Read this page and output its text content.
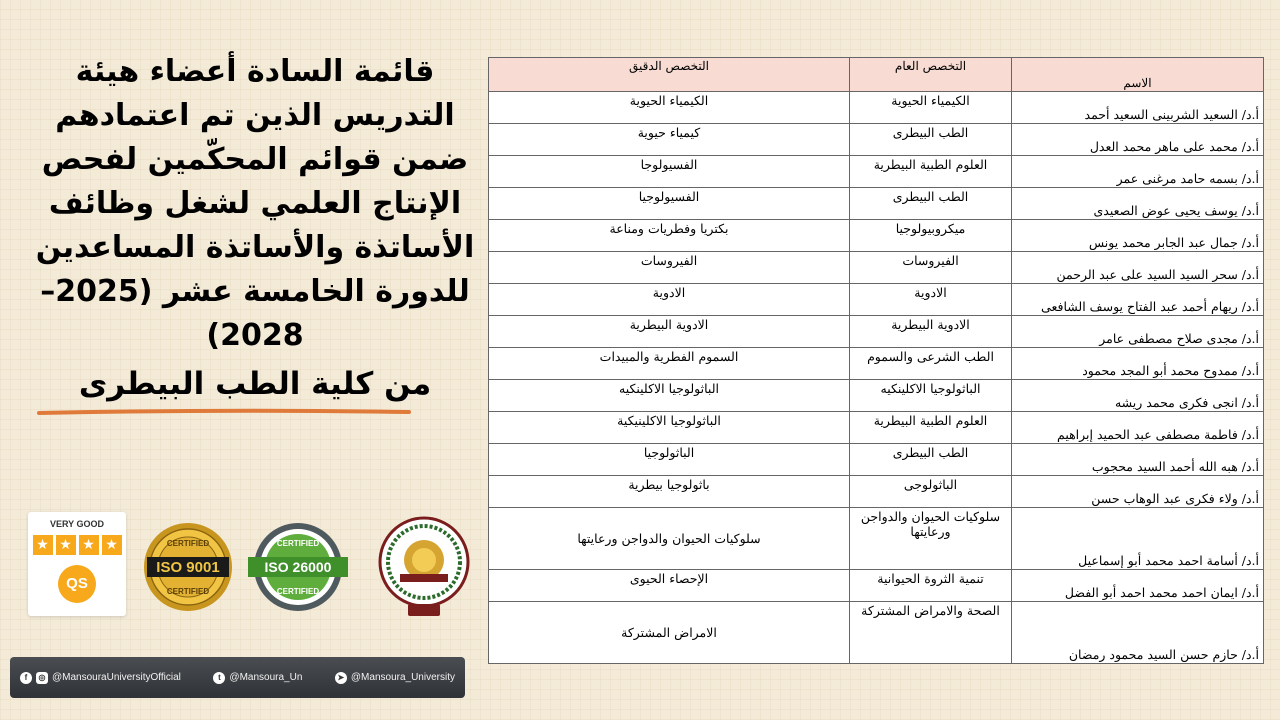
قائمة السادة أعضاء هيئة التدريس الذين تم اعتمادهم ضمن قوائم المحكّمين لفحص الإنتاج العلمي لشغل وظائف الأساتذة والأساتذة المساعدين للدورة الخامسة عشر (2025–2028)
من كلية الطب البيطرى
VERY GOOD
★ ★ ★ ★
QS
ISO 9001
CERTIFIED
CERTIFIED
ISO 26000
CERTIFIED
CERTIFIED
f	◎ @MansouraUniversityOfficial	t @Mansoura_Un	➤ @Mansoura_University
الاسم	التخصص العام	التخصص الدقيق
أ.د/ السعيد الشربينى السعيد أحمد	الكيمياء الحيوية	الكيمياء الحيوية
أ.د/ محمد على ماهر محمد العدل	الطب البيطرى	كيمياء حيوية
أ.د/ بسمه حامد مرغنى عمر	العلوم الطبية البيطرية	الفسيولوجا
أ.د/ يوسف يحيى عوض الصعيدى	الطب البيطرى	الفسيولوجيا
أ.د/ جمال عبد الجابر محمد يونس	ميكروبيولوجيا	بكتريا وفطريات ومناعة
أ.د/ سحر السيد السيد على عبد الرحمن	الفيروسات	الفيروسات
أ.د/ ريهام أحمد عبد الفتاح يوسف الشافعى	الادوية	الادوية
أ.د/ مجدى صلاح مصطفى عامر	الادوية البيطرية	الادوية البيطرية
أ.د/ ممدوح محمد أبو المجد محمود	الطب الشرعى والسموم	السموم الفطرية والمبيدات
أ.د/ انجى فكرى محمد ريشه	الباثولوجيا الاكلينكيه	الباثولوجيا الاكلينكيه
أ.د/ فاطمة مصطفى عبد الحميد إبراهيم	العلوم الطبية البيطرية	الباثولوجيا الاكلينيكية
أ.د/ هبه الله أحمد السيد محجوب	الطب البيطرى	الباثولوجيا
أ.د/ ولاء فكرى عبد الوهاب حسن	الباثولوجى	باثولوجيا بيطرية
أ.د/ أسامة احمد محمد أبو إسماعيل	سلوكيات الحيوان والدواجن ورعايتها	سلوكيات الحيوان والدواجن ورعايتها
أ.د/ ايمان احمد محمد احمد أبو الفضل	تنمية الثروة الحيوانية	الإحصاء الحيوى
أ.د/ حازم حسن السيد محمود رمضان	الصحة والامراض المشتركة	الامراض المشتركة
